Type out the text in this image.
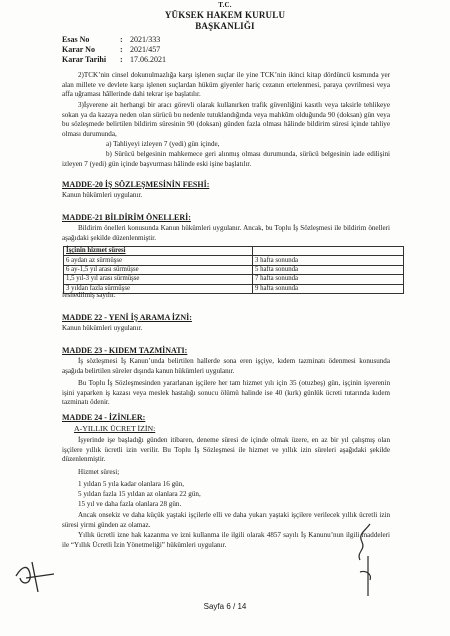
T.C.
YÜKSEK HAKEM KURULU
BAŞKANLIĞI
Esas No	: 2021/333
Karar No	: 2021/457
Karar Tarihi	: 17.06.2021
2)TCK’nin cinsel dokunulmazlığa karşı işlenen suçlar ile yine TCK’nin ikinci kitap dördüncü kısmında yer alan millete ve devlete karşı işlenen suçlardan hüküm giyenler hariç cezanın ertelenmesi, paraya çevrilmesi veya affa uğraması hâllerinde dahi tekrar işe başlatılır.
3)İşverene ait herhangi bir aracı görevli olarak kullanırken trafik güvenliğini kasıtlı veya taksirle tehlikeye sokan ya da kazaya neden olan sürücü bu nedenle tutuklandığında veya mahkûm olduğunda 90 (doksan) gün veya bu sözleşmede belirtilen bildirim süresinin 90 (doksan) günden fazla olması hâlinde bildirim süresi içinde tahliye olması durumunda,
a) Tahliyeyi izleyen 7 (yedi) gün içinde,
b) Sürücü belgesinin mahkemece geri alınmış olması durumunda, sürücü belgesinin iade edilişini izleyen 7 (yedi) gün içinde başvurması hâlinde eski işine başlatılır.
MADDE-20 İŞ SÖZLEŞMESİNİN FESHİ:
Kanun hükümleri uygulanır.
MADDE-21 BİLDİRİM ÖNELLERİ:
Bildirim önelleri konusunda Kanun hükümleri uygulanır. Ancak, bu Toplu İş Sözleşmesi ile bildirim önelleri aşağıdaki şekilde düzenlenmiştir.
İşçinin hizmet süresi	
6 aydan az sürmüşse	3 hafta sonunda
6 ay-1,5 yıl arası sürmüşse	5 hafta sonunda
1,5 yıl-3 yıl arası sürmüşse	7 hafta sonunda
3 yıldan fazla sürmüşse	9 hafta sonunda
feshedilmiş sayılır.
MADDE 22 - YENİ İŞ ARAMA İZNİ:
Kanun hükümleri uygulanır.
MADDE 23 - KIDEM TAZMİNATI:
İş sözleşmesi İş Kanun’unda belirtilen hallerde sona eren işçiye, kıdem tazminatı ödenmesi konusunda aşağıda belirtilen süreler dışında kanun hükümleri uygulanır.
Bu Toplu İş Sözleşmesinden yararlanan işçilere her tam hizmet yılı için 35 (otuzbeş) gün, işçinin işverenin işini yaparken iş kazası veya meslek hastalığı sonucu ölümü halinde ise 40 (kırk) günlük ücreti tutarında kıdem tazminatı ödenir.
MADDE 24 - İZİNLER:
A-YILLIK ÜCRET İZİN:
İşyerinde işe başladığı günden itibaren, deneme süresi de içinde olmak üzere, en az bir yıl çalışmış olan işçilere yıllık ücretli izin verilir. Bu Toplu İş Sözleşmesi ile hizmet ve yıllık izin süreleri aşağıdaki şekilde düzenlenmiştir.
Hizmet süresi;
1 yıldan 5 yıla kadar olanlara 16 gün,
5 yıldan fazla 15 yıldan az olanlara 22 gün,
15 yıl ve daha fazla olanlara 28 gün.
Ancak onsekiz ve daha küçük yaştaki işçilerle elli ve daha yukarı yaştaki işçilere verilecek yıllık ücretli izin süresi yirmi günden az olamaz.
Yıllık ücretli izne hak kazanma ve izni kullanma ile ilgili olarak 4857 sayılı İş Kanunu’nun ilgili maddeleri ile “Yıllık Ücretli İzin Yönetmeliği” hükümleri uygulanır.
Sayfa 6 / 14
